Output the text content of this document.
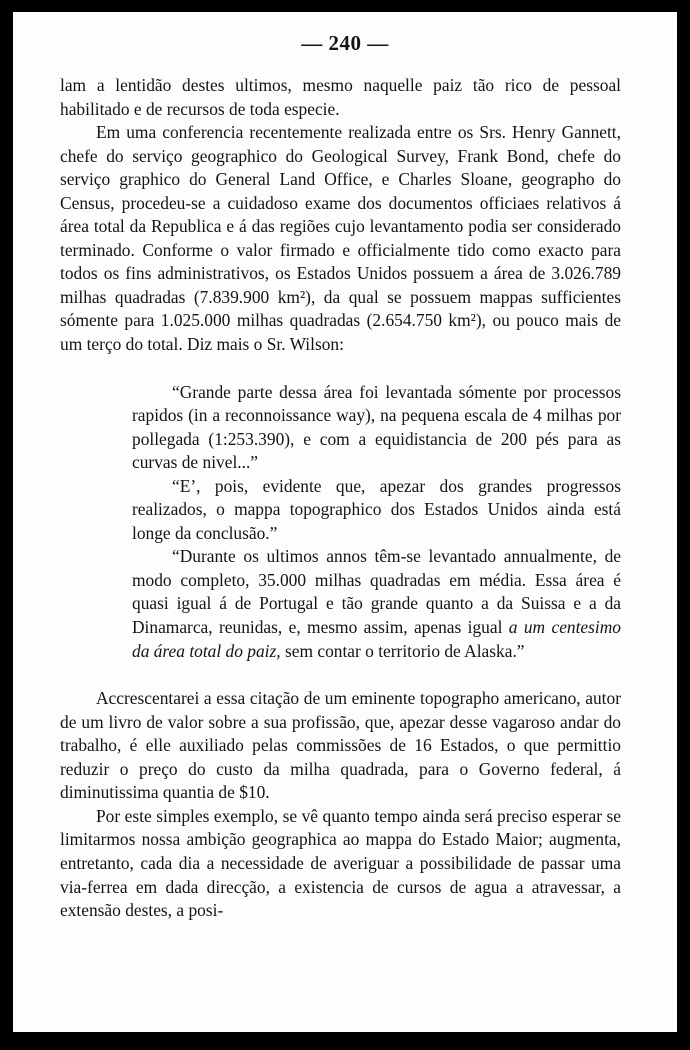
— 240 —

lam a lentidão destes ultimos, mesmo naquelle paiz tão rico de pessoal habilitado e de recursos de toda especie.

Em uma conferencia recentemente realizada entre os Srs. Henry Gannett, chefe do serviço geographico do Geological Survey, Frank Bond, chefe do serviço graphico do General Land Office, e Charles Sloane, geographo do Census, procedeu-se a cuidadoso exame dos documentos officiaes relativos á área total da Republica e á das regiões cujo levantamento podia ser considerado terminado. Conforme o valor firmado e officialmente tido como exacto para todos os fins administrativos, os Estados Unidos possuem a área de 3.026.789 milhas quadradas (7.839.900 km²), da qual se possuem mappas sufficientes sómente para 1.025.000 milhas quadradas (2.654.750 km²), ou pouco mais de um terço do total. Diz mais o Sr. Wilson:

“Grande parte dessa área foi levantada sómente por processos rapidos (in a reconnoissance way), na pequena escala de 4 milhas por pollegada (1:253.390), e com a equidistancia de 200 pés para as curvas de nivel...”

“E’, pois, evidente que, apezar dos grandes progressos realizados, o mappa topographico dos Estados Unidos ainda está longe da conclusão.”

“Durante os ultimos annos têm-se levantado annualmente, de modo completo, 35.000 milhas quadradas em média. Essa área é quasi igual á de Portugal e tão grande quanto a da Suissa e a da Dinamarca, reunidas, e, mesmo assim, apenas igual a um centesimo da área total do paiz, sem contar o territorio de Alaska.”

Accrescentarei a essa citação de um eminente topographo americano, autor de um livro de valor sobre a sua profissão, que, apezar desse vagaroso andar do trabalho, é elle auxiliado pelas commissões de 16 Estados, o que permittio reduzir o preço do custo da milha quadrada, para o Governo federal, á diminutissima quantia de $10.

Por este simples exemplo, se vê quanto tempo ainda será preciso esperar se limitarmos nossa ambição geographica ao mappa do Estado Maior; augmenta, entretanto, cada dia a necessidade de averiguar a possibilidade de passar uma via-ferrea em dada direcção, a existencia de cursos de agua a atravessar, a extensão destes, a posi-
